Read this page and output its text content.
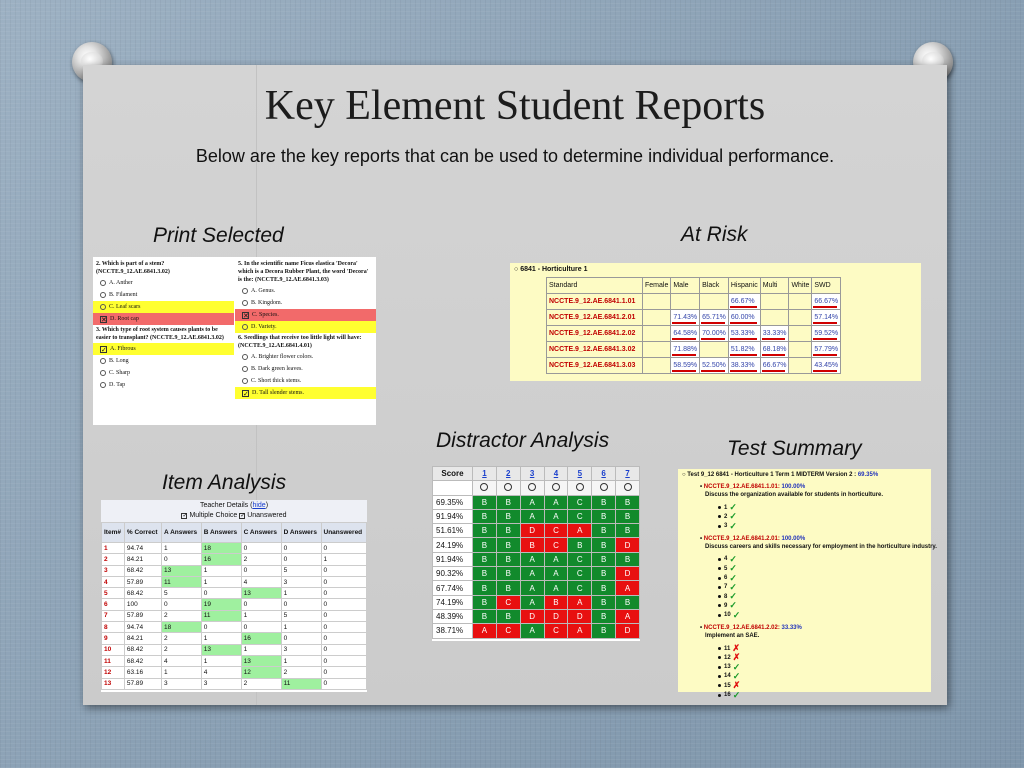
Key Element Student Reports
Below are the key reports that can be used to determine individual performance.
Print Selected	At Risk
Distractor Analysis	Test Summary
Item Analysis
2. Which is part of a stem? (NCCTE.9_12.AE.6841.3.02)
A. Anther
B. Filament
C. Leaf scars
✕ D. Root cap
3. Which type of root system causes plants to be easier to transplant? (NCCTE.9_12.AE.6841.3.02)
✓ A. Fibrous
B. Long
C. Sharp
D. Tap
5. In the scientific name Ficus elastica 'Decora' which is a Decora Rubber Plant, the word 'Decora' is the: (NCCTE.9_12.AE.6841.3.03)
A. Genus.
B. Kingdom.
✕ C. Species.
D. Variety.
6. Seedlings that receive too little light will have: (NCCTE.9_12.AE.6841.4.01)
A. Brighter flower colors.
B. Dark green leaves.
C. Short thick stems.
✓ D. Tall slender stems.
○ 6841 - Horticulture 1
Standard	Female	Male	Black	Hispanic	Multi	White	SWD
NCCTE.9_12.AE.6841.1.01				66.67%			66.67%
NCCTE.9_12.AE.6841.2.01		71.43%	65.71%	60.00%			57.14%
NCCTE.9_12.AE.6841.2.02		64.58%	70.00%	53.33%	33.33%		59.52%
NCCTE.9_12.AE.6841.3.02		71.88%		51.82%	68.18%		57.79%
NCCTE.9_12.AE.6841.3.03		58.59%	52.50%	38.33%	66.67%		43.45%
Score	1	2	3	4	5	6	7

69.35%	B	B	A	A	C	B	B
91.94%	B	B	A	A	C	B	B
51.61%	B	B	D	C	A	B	B
24.19%	B	B	B	C	B	B	D
91.94%	B	B	A	A	C	B	B
90.32%	B	B	A	A	C	B	D
67.74%	B	B	A	A	C	B	A
74.19%	B	C	A	B	A	B	B
48.39%	B	B	D	D	D	B	A
38.71%	A	C	A	C	A	B	D
○ Test 9_12 6841 - Horticulture 1 Term 1 MIDTERM Version 2 : 69.35%
• NCCTE.9_12.AE.6841.1.01: 100.00%
Discuss the organization available for students in horticulture.
1 ✓
2 ✓
3 ✓
• NCCTE.9_12.AE.6841.2.01: 100.00%
Discuss careers and skills necessary for employment in the horticulture industry.
4 ✓
5 ✓
6 ✓
7 ✓
8 ✓
9 ✓
10 ✓
• NCCTE.9_12.AE.6841.2.02: 33.33%
Implement an SAE.
11 ✗
12 ✗
13 ✓
14 ✓
15 ✗
16 ✓
Teacher Details (hide)
✓ Multiple Choice ✓ Unanswered
Item#	% Correct	A Answers	B Answers	C Answers	D Answers	Unanswered
1	94.74	1	18	0	0	0
2	84.21	0	16	2	0	1
3	68.42	13	1	0	5	0
4	57.89	11	1	4	3	0
5	68.42	5	0	13	1	0
6	100	0	19	0	0	0
7	57.89	2	11	1	5	0
8	94.74	18	0	0	1	0
9	84.21	2	1	16	0	0
10	68.42	2	13	1	3	0
11	68.42	4	1	13	1	0
12	63.16	1	4	12	2	0
13	57.89	3	3	2	11	0
